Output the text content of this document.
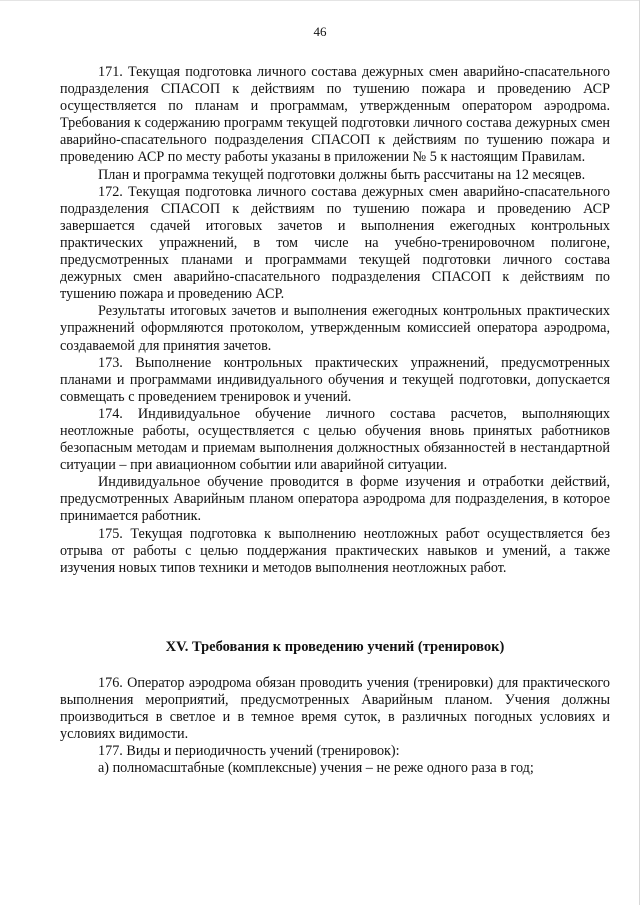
46

171. Текущая подготовка личного состава дежурных смен аварийно-спасательного подразделения СПАСОП к действиям по тушению пожара и проведению АСР осуществляется по планам и программам, утвержденным оператором аэродрома. Требования к содержанию программ текущей подготовки личного состава дежурных смен аварийно-спасательного подразделения СПАСОП к действиям по тушению пожара и проведению АСР по месту работы указаны в приложении № 5 к настоящим Правилам.

План и программа текущей подготовки должны быть рассчитаны на 12 месяцев.

172. Текущая подготовка личного состава дежурных смен аварийно-спасательного подразделения СПАСОП к действиям по тушению пожара и проведению АСР завершается сдачей итоговых зачетов и выполнения ежегодных контрольных практических упражнений, в том числе на учебно-тренировочном полигоне, предусмотренных планами и программами текущей подготовки личного состава дежурных смен аварийно-спасательного подразделения СПАСОП к действиям по тушению пожара и проведению АСР.

Результаты итоговых зачетов и выполнения ежегодных контрольных практических упражнений оформляются протоколом, утвержденным комиссией оператора аэродрома, создаваемой для принятия зачетов.

173. Выполнение контрольных практических упражнений, предусмотренных планами и программами индивидуального обучения и текущей подготовки, допускается совмещать с проведением тренировок и учений.

174. Индивидуальное обучение личного состава расчетов, выполняющих неотложные работы, осуществляется с целью обучения вновь принятых работников безопасным методам и приемам выполнения должностных обязанностей в нестандартной ситуации – при авиационном событии или аварийной ситуации.

Индивидуальное обучение проводится в форме изучения и отработки действий, предусмотренных Аварийным планом оператора аэродрома для подразделения, в которое принимается работник.

175. Текущая подготовка к выполнению неотложных работ осуществляется без отрыва от работы с целью поддержания практических навыков и умений, а также изучения новых типов техники и методов выполнения неотложных работ.

XV. Требования к проведению учений (тренировок)

176. Оператор аэродрома обязан проводить учения (тренировки) для практического выполнения мероприятий, предусмотренных Аварийным планом. Учения должны производиться в светлое и в темное время суток, в различных погодных условиях и условиях видимости.

177. Виды и периодичность учений (тренировок):

а) полномасштабные (комплексные) учения – не реже одного раза в год;
